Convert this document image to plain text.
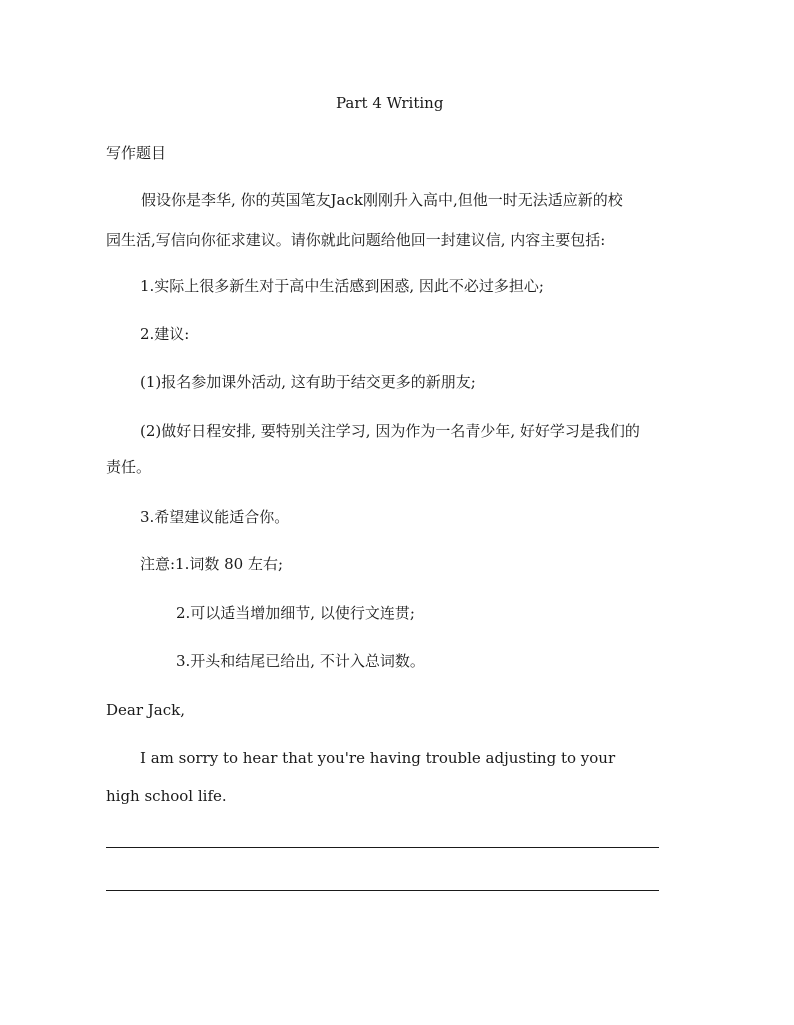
Part 4 Writing
写作题目
假设你是李华, 你的英国笔友Jack刚刚升入高中,但他一时无法适应新的校
园生活,写信向你征求建议。请你就此问题给他回一封建议信, 内容主要包括:
1.实际上很多新生对于高中生活感到困惑, 因此不必过多担心;
2.建议:
(1)报名参加课外活动, 这有助于结交更多的新朋友;
(2)做好日程安排, 要特别关注学习, 因为作为一名青少年, 好好学习是我们的
责任。
3.希望建议能适合你。
注意:1.词数 80 左右;
2.可以适当增加细节, 以使行文连贯;
3.开头和结尾已给出, 不计入总词数。
Dear Jack,
I am sorry to hear that you're having trouble adjusting to your
high school life.
